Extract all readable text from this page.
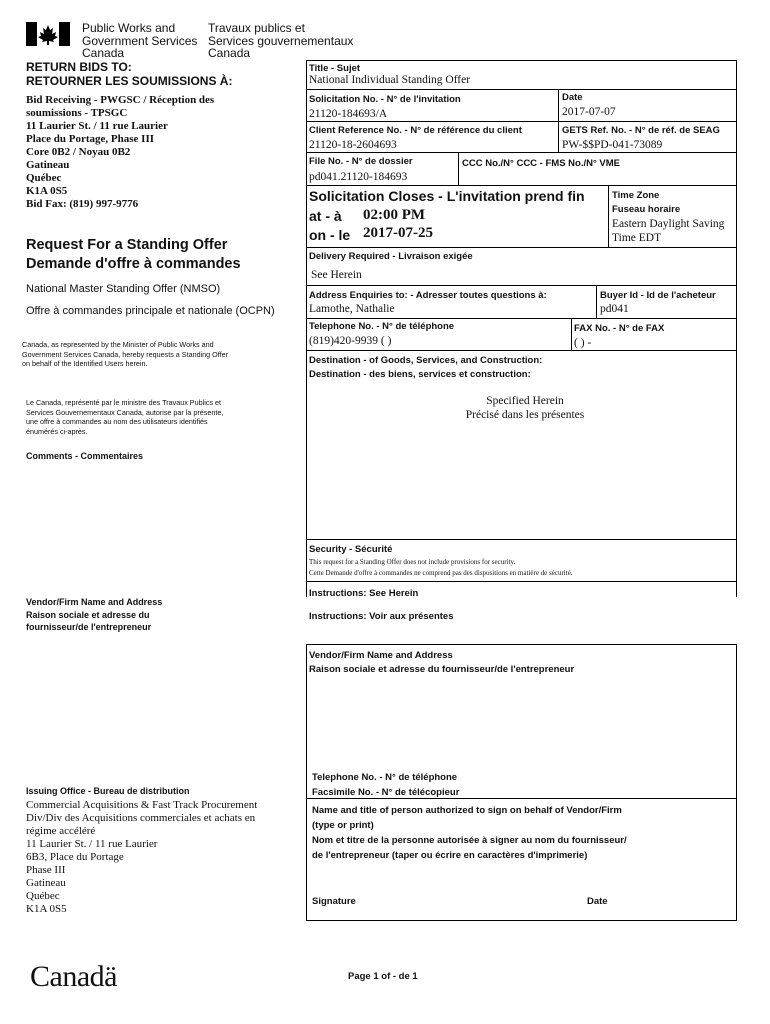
Public Works and
Government Services
Canada
Travaux publics et
Services gouvernementaux
Canada
RETURN BIDS TO:
RETOURNER LES SOUMISSIONS À:
Bid Receiving - PWGSC / Réception des
soumissions - TPSGC
11 Laurier St. / 11 rue Laurier
Place du Portage, Phase III
Core 0B2 / Noyau 0B2
Gatineau
Québec
K1A 0S5
Bid Fax: (819) 997-9776
Request For a Standing Offer
Demande d'offre à commandes
National Master Standing Offer (NMSO)
Offre à commandes principale et nationale (OCPN)
Canada, as represented by the Minister of Public Works and
Government Services Canada, hereby requests a Standing Offer
on behalf of the Identified Users herein.
Le Canada, représenté par le ministre des Travaux Publics et
Services Gouvernementaux Canada, autorise par la présente,
une offre à commandes au nom des utilisateurs identifiés
énumérés ci-après.
Comments - Commentaires
Vendor/Firm Name and Address
Raison sociale et adresse du
fournisseur/de l'entrepreneur
Issuing Office - Bureau de distribution
Commercial Acquisitions & Fast Track Procurement
Div/Div des Acquisitions commerciales et achats en
régime accéléré
11 Laurier St. / 11 rue Laurier
6B3, Place du Portage
Phase III
Gatineau
Québec
K1A 0S5
Title - Sujet
National Individual Standing Offer
Solicitation No. - N° de l'invitation
21120-184693/A
Date
2017-07-07
Client Reference No. - N° de référence du client
21120-18-2604693
GETS Ref. No. - N° de réf. de SEAG
PW-$$PD-041-73089
File No. - N° de dossier
pd041.21120-184693
CCC No./N° CCC - FMS No./N° VME
Solicitation Closes - L'invitation prend fin
at - à 02:00 PM
on - le 2017-07-25
Time Zone
Fuseau horaire
Eastern Daylight Saving
Time EDT
Delivery Required - Livraison exigée
See Herein
Address Enquiries to: - Adresser toutes questions à:
Lamothe, Nathalie
Buyer Id - Id de l'acheteur
pd041
Telephone No. - N° de téléphone
(819)420-9939 ( )
FAX No. - N° de FAX
( ) -
Destination - of Goods, Services, and Construction:
Destination - des biens, services et construction:
Specified Herein
Précisé dans les présentes
Security - Sécurité
This request for a Standing Offer does not include provisions for security.
Cette Demande d'offre à commandes ne comprend pas des dispositions en matière de sécurité.
Instructions: See Herein
Instructions: Voir aux présentes
Vendor/Firm Name and Address
Raison sociale et adresse du fournisseur/de l'entrepreneur
Telephone No. - N° de téléphone
Facsimile No. - N° de télécopieur
Name and title of person authorized to sign on behalf of Vendor/Firm
(type or print)
Nom et titre de la personne autorisée à signer au nom du fournisseur/
de l'entrepreneur (taper ou écrire en caractères d'imprimerie)
Signature	Date
Canadä	Page 1 of - de 1
